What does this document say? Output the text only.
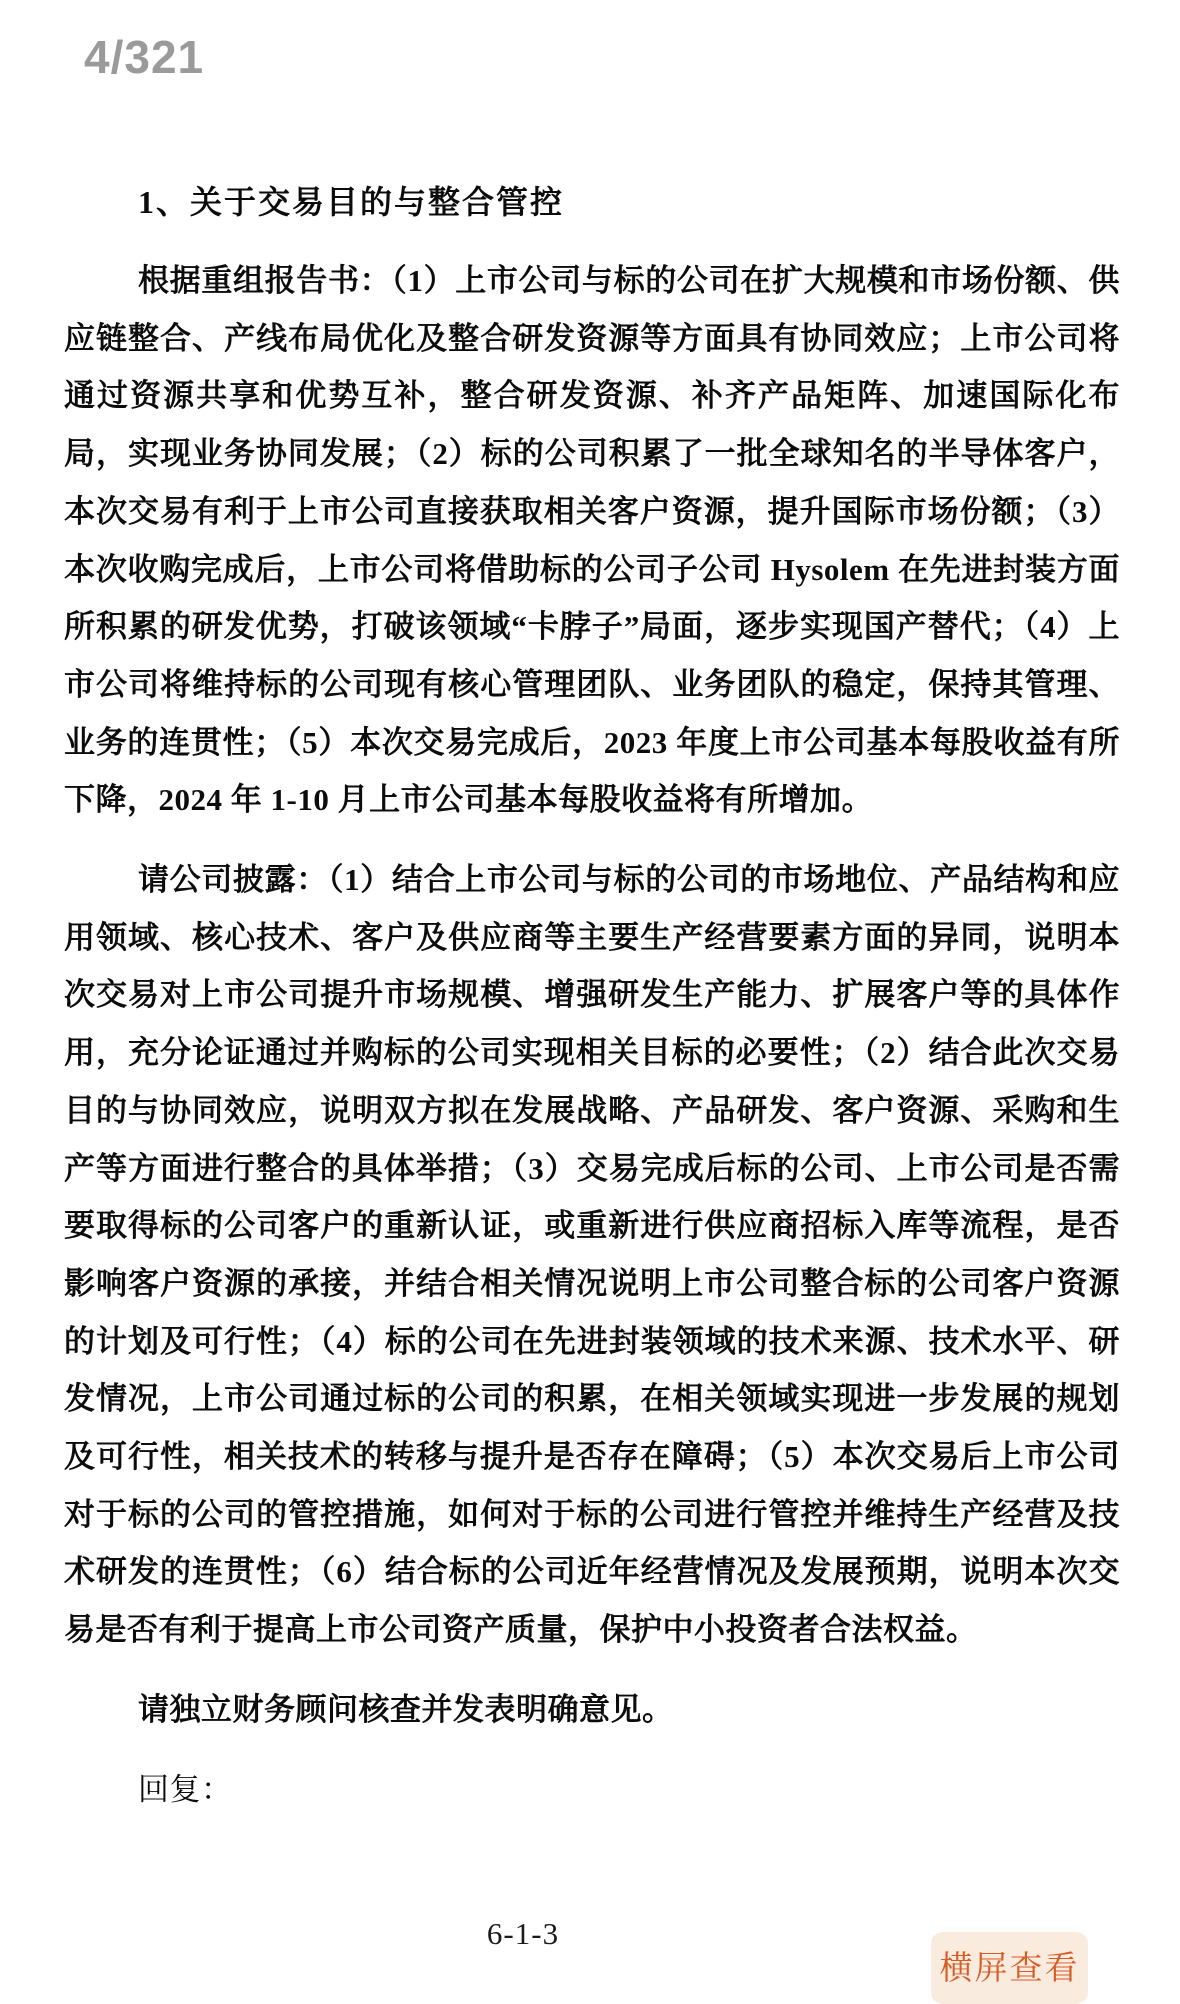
4/321
1、关于交易目的与整合管控

根据重组报告书：（1）上市公司与标的公司在扩大规模和市场份额、供应链整合、产线布局优化及整合研发资源等方面具有协同效应；上市公司将通过资源共享和优势互补，整合研发资源、补齐产品矩阵、加速国际化布局，实现业务协同发展；（2）标的公司积累了一批全球知名的半导体客户，本次交易有利于上市公司直接获取相关客户资源，提升国际市场份额；（3）本次收购完成后，上市公司将借助标的公司子公司 Hysolem 在先进封装方面所积累的研发优势，打破该领域“卡脖子”局面，逐步实现国产替代；（4）上市公司将维持标的公司现有核心管理团队、业务团队的稳定，保持其管理、业务的连贯性；（5）本次交易完成后，2023 年度上市公司基本每股收益有所下降，2024 年 1-10 月上市公司基本每股收益将有所增加。

请公司披露：（1）结合上市公司与标的公司的市场地位、产品结构和应用领域、核心技术、客户及供应商等主要生产经营要素方面的异同，说明本次交易对上市公司提升市场规模、增强研发生产能力、扩展客户等的具体作用，充分论证通过并购标的公司实现相关目标的必要性；（2）结合此次交易目的与协同效应，说明双方拟在发展战略、产品研发、客户资源、采购和生产等方面进行整合的具体举措；（3）交易完成后标的公司、上市公司是否需要取得标的公司客户的重新认证，或重新进行供应商招标入库等流程，是否影响客户资源的承接，并结合相关情况说明上市公司整合标的公司客户资源的计划及可行性；（4）标的公司在先进封装领域的技术来源、技术水平、研发情况，上市公司通过标的公司的积累，在相关领域实现进一步发展的规划及可行性，相关技术的转移与提升是否存在障碍；（5）本次交易后上市公司对于标的公司的管控措施，如何对于标的公司进行管控并维持生产经营及技术研发的连贯性；（6）结合标的公司近年经营情况及发展预期，说明本次交易是否有利于提高上市公司资产质量，保护中小投资者合法权益。

请独立财务顾问核查并发表明确意见。

回复：

6-1-3
横屏查看
